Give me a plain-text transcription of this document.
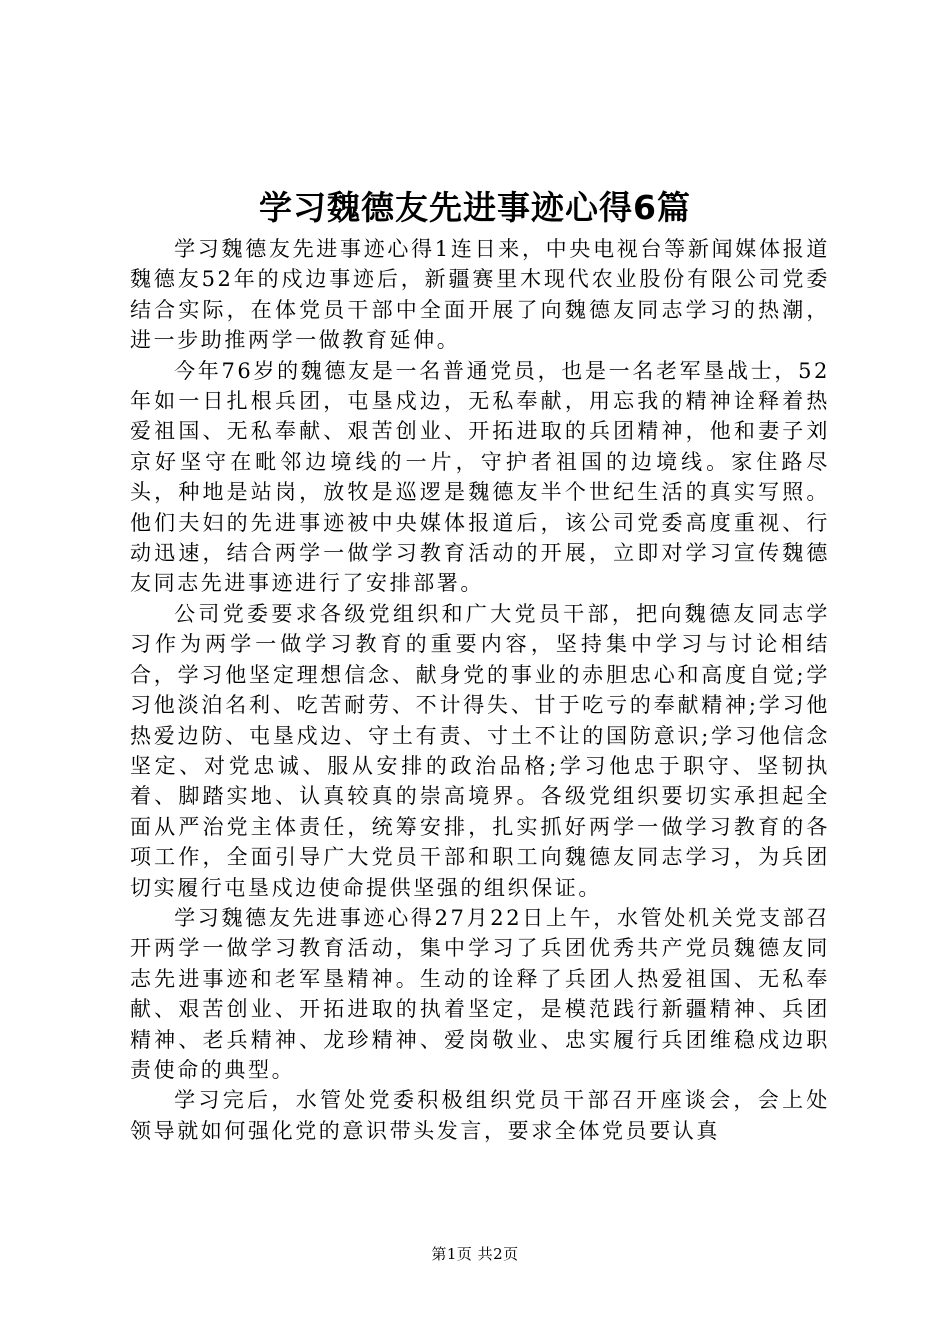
学习魏德友先进事迹心得6篇

学习魏德友先进事迹心得1连日来，中央电视台等新闻媒体报道魏德友52年的戍边事迹后，新疆赛里木现代农业股份有限公司党委结合实际，在体党员干部中全面开展了向魏德友同志学习的热潮，进一步助推两学一做教育延伸。

今年76岁的魏德友是一名普通党员，也是一名老军垦战士，52年如一日扎根兵团，屯垦戍边，无私奉献，用忘我的精神诠释着热爱祖国、无私奉献、艰苦创业、开拓进取的兵团精神，他和妻子刘京好坚守在毗邻边境线的一片，守护者祖国的边境线。家住路尽头，种地是站岗，放牧是巡逻是魏德友半个世纪生活的真实写照。他们夫妇的先进事迹被中央媒体报道后，该公司党委高度重视、行动迅速，结合两学一做学习教育活动的开展，立即对学习宣传魏德友同志先进事迹进行了安排部署。

公司党委要求各级党组织和广大党员干部，把向魏德友同志学习作为两学一做学习教育的重要内容，坚持集中学习与讨论相结合，学习他坚定理想信念、献身党的事业的赤胆忠心和高度自觉;学习他淡泊名利、吃苦耐劳、不计得失、甘于吃亏的奉献精神;学习他热爱边防、屯垦戍边、守土有责、寸土不让的国防意识;学习他信念坚定、对党忠诚、服从安排的政治品格;学习他忠于职守、坚韧执着、脚踏实地、认真较真的崇高境界。各级党组织要切实承担起全面从严治党主体责任，统筹安排，扎实抓好两学一做学习教育的各项工作，全面引导广大党员干部和职工向魏德友同志学习，为兵团切实履行屯垦戍边使命提供坚强的组织保证。

学习魏德友先进事迹心得27月22日上午，水管处机关党支部召开两学一做学习教育活动，集中学习了兵团优秀共产党员魏德友同志先进事迹和老军垦精神。生动的诠释了兵团人热爱祖国、无私奉献、艰苦创业、开拓进取的执着坚定，是模范践行新疆精神、兵团精神、老兵精神、龙珍精神、爱岗敬业、忠实履行兵团维稳戍边职责使命的典型。

学习完后，水管处党委积极组织党员干部召开座谈会，会上处领导就如何强化党的意识带头发言，要求全体党员要认真

第1页 共2页
